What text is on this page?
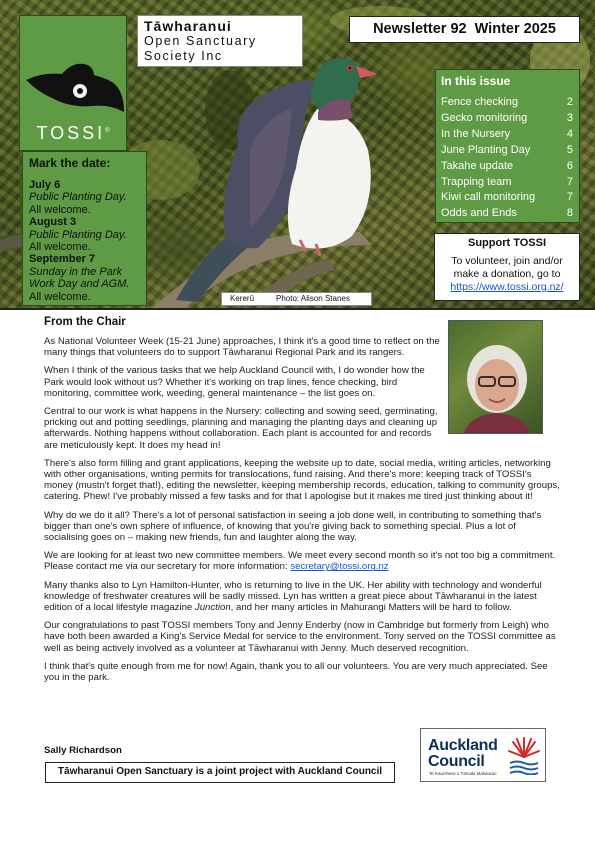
TOSSI®
Tāwharanui
Open Sanctuary
Society Inc
Newsletter 92  Winter 2025
In this issue
Fence checking	2
Gecko monitoring	3
In the Nursery	4
June Planting Day	5
Takahe update	6
Trapping team	7
Kiwi call monitoring	7
Odds and Ends	8
Support TOSSI

To volunteer, join and/or make a donation, go to
https://www.tossi.org.nz/

Mark the date:
July 6
Public Planting Day.
All welcome.
August 3
Public Planting Day.
All welcome.
September 7
Sunday in the Park Work Day and AGM.
All welcome.	Kererū	Photo: Alison Stanes
From the Chair

As National Volunteer Week (15-21 June) approaches, I think it's a good time to reflect on the many things that volunteers do to support Tāwharanui Regional Park and its rangers.

When I think of the various tasks that we help Auckland Council with, I do wonder how the Park would look without us? Whether it's working on trap lines, fence checking, bird monitoring, committee work, weeding, general maintenance – the list goes on.

Central to our work is what happens in the Nursery: collecting and sowing seed, germinating, pricking out and potting seedlings, planning and managing the planting days and cleaning up afterwards. Nothing happens without collaboration. Each plant is accounted for and records are meticulously kept. It does my head in!

There's also form filling and grant applications, keeping the website up to date, social media, writing articles, networking with other organisations, writing permits for translocations, fund raising. And there's more: keeping track of TOSSI's money (mustn't forget that!), editing the newsletter, keeping membership records, education, talking to community groups, catering. Phew! I've probably missed a few tasks and for that I apologise but it makes me tired just thinking about it!

Why do we do it all? There's a lot of personal satisfaction in seeing a job done well, in contributing to something that's bigger than one's own sphere of influence, of knowing that you're giving back to something special. Plus a lot of socialising goes on – making new friends, fun and laughter along the way.

We are looking for at least two new committee members. We meet every second month so it's not too big a commitment. Please contact me via our secretary for more information: secretary@tossi.org.nz

Many thanks also to Lyn Hamilton-Hunter, who is returning to live in the UK. Her ability with technology and wonderful knowledge of freshwater creatures will be sadly missed. Lyn has written a great piece about Tāwharanui in the latest edition of a local lifestyle magazine Junction, and her many articles in Mahurangi Matters will be hard to follow.

Our congratulations to past TOSSI members Tony and Jenny Enderby (now in Cambridge but formerly from Leigh) who have both been awarded a King's Service Medal for service to the environment. Tony served on the TOSSI committee as well as being actively involved as a volunteer at Tāwharanui with Jenny. Much deserved recognition.

I think that's quite enough from me for now! Again, thank you to all our volunteers. You are very much appreciated. See you in the park.

Sally Richardson
Tāwharanui Open Sanctuary is a joint project with Auckland Council
Auckland
Council
Te Kaunihera o Tāmaki Makaurau
